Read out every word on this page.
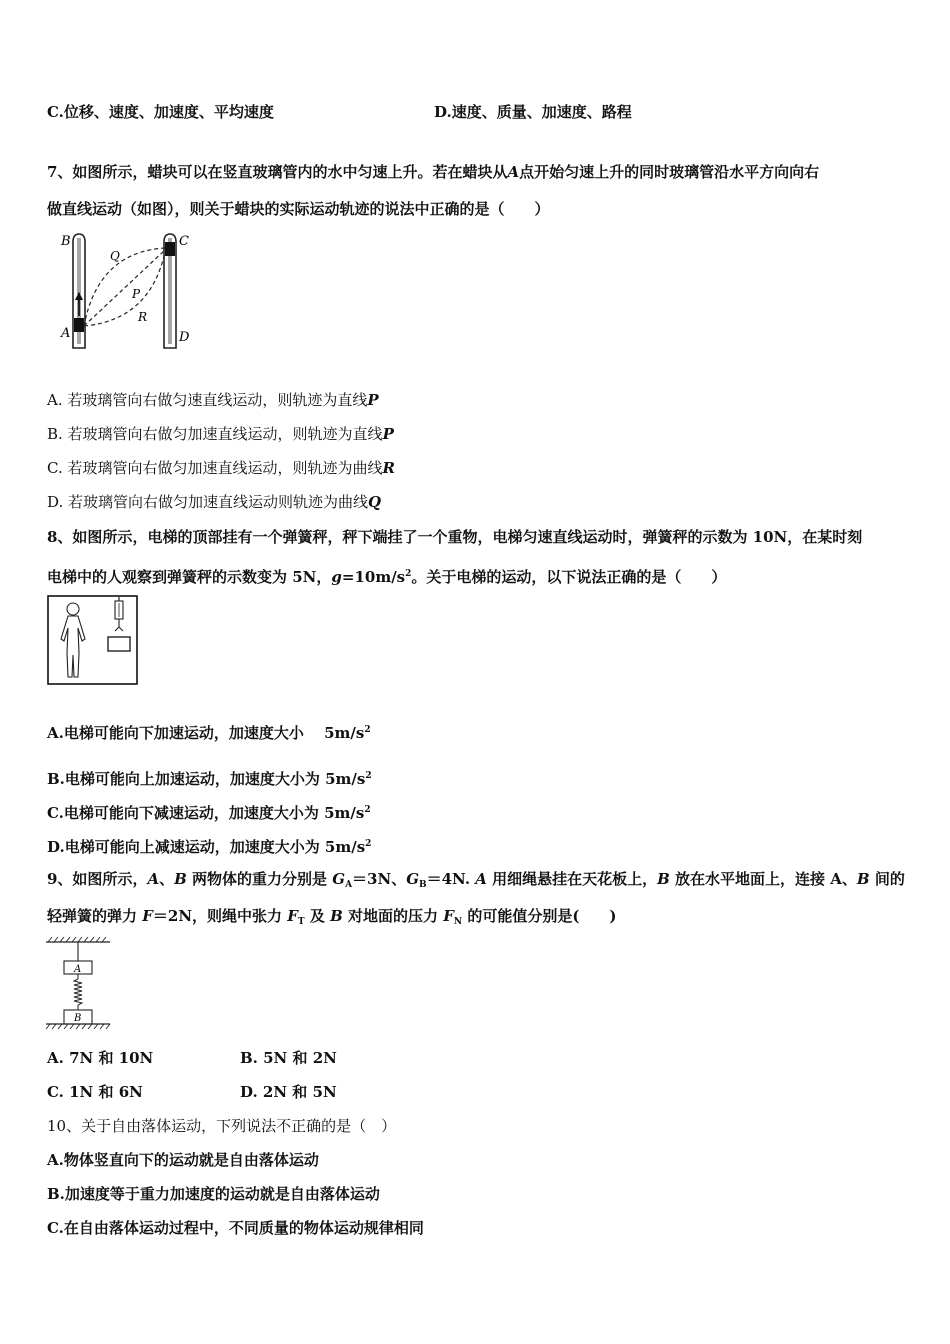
C.位移、速度、加速度、平均速度	D.速度、质量、加速度、路程
7、如图所示，蜡块可以在竖直玻璃管内的水中匀速上升。若在蜡块从A点开始匀速上升的同时玻璃管沿水平方向向右
做直线运动（如图），则关于蜡块的实际运动轨迹的说法中正确的是（　　）
B	C
A	D
Q
P
R
A. 若玻璃管向右做匀速直线运动，则轨迹为直线P
B. 若玻璃管向右做匀加速直线运动，则轨迹为直线P
C. 若玻璃管向右做匀加速直线运动，则轨迹为曲线R
D. 若玻璃管向右做匀加速直线运动则轨迹为曲线Q
8、如图所示，电梯的顶部挂有一个弹簧秤，秤下端挂了一个重物，电梯匀速直线运动时，弹簧秤的示数为 10N，在某时刻
电梯中的人观察到弹簧秤的示数变为 5N，$g=10m/s^2$。关于电梯的运动，以下说法正确的是（　　）
A.电梯可能向下加速运动，加速度大小　 $5m/s^2$
B.电梯可能向上加速运动，加速度大小为 $5m/s^2$
C.电梯可能向下减速运动，加速度大小为 $5m/s^2$
D.电梯可能向上减速运动，加速度大小为 $5m/s^2$
9、如图所示，A、B 两物体的重力分别是 $G_A=3N$、$G_B=4N$. A 用细绳悬挂在天花板上，B 放在水平地面上，连接 A、B 间的
轻弹簧的弹力 F＝2N，则绳中张力 $F_T$ 及 B 对地面的压力 $F_N$ 的可能值分别是(　　)
A
B
A. 7N 和 10N	B. 5N 和 2N
C. 1N 和 6N	D. 2N 和 5N
10、关于自由落体运动，下列说法不正确的是（　）
A.物体竖直向下的运动就是自由落体运动
B.加速度等于重力加速度的运动就是自由落体运动
C.在自由落体运动过程中，不同质量的物体运动规律相同
